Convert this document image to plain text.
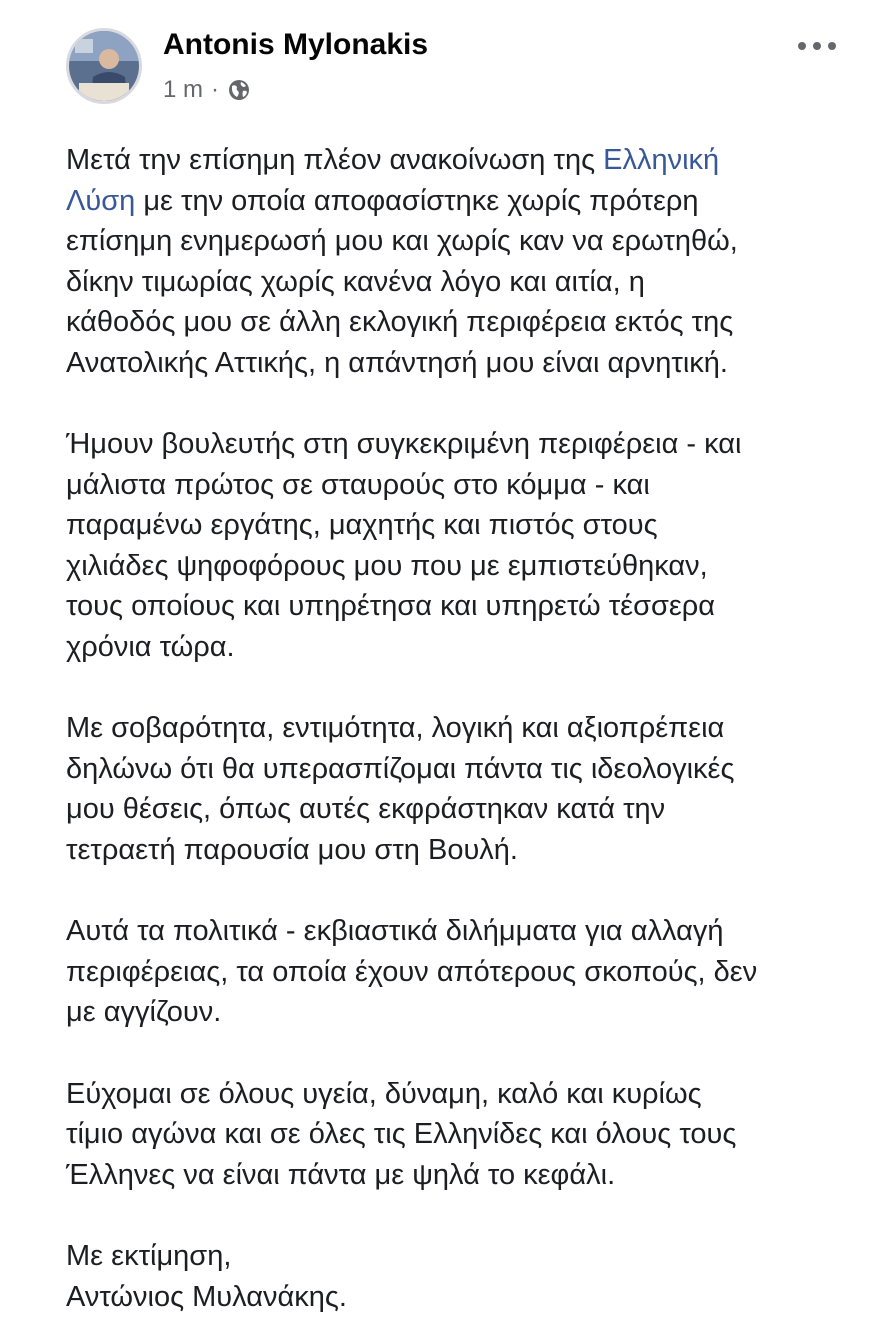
Antonis Mylonakis
1 m ·
Μετά την επίσημη πλέον ανακοίνωση της Ελληνική
Λύση με την οποία αποφασίστηκε χωρίς πρότερη
επίσημη ενημερωσή μου και χωρίς καν να ερωτηθώ,
δίκην τιμωρίας χωρίς κανένα λόγο και αιτία, η
κάθοδός μου σε άλλη εκλογική περιφέρεια εκτός της
Ανατολικής Αττικής, η απάντησή μου είναι αρνητική.
Ήμουν βουλευτής στη συγκεκριμένη περιφέρεια - και
μάλιστα πρώτος σε σταυρούς στο κόμμα - και
παραμένω εργάτης, μαχητής και πιστός στους
χιλιάδες ψηφοφόρους μου που με εμπιστεύθηκαν,
τους οποίους και υπηρέτησα και υπηρετώ τέσσερα
χρόνια τώρα.
Με σοβαρότητα, εντιμότητα, λογική και αξιοπρέπεια
δηλώνω ότι θα υπερασπίζομαι πάντα τις ιδεολογικές
μου θέσεις, όπως αυτές εκφράστηκαν κατά την
τετραετή παρουσία μου στη Βουλή.
Αυτά τα πολιτικά - εκβιαστικά διλήμματα για αλλαγή
περιφέρειας, τα οποία έχουν απότερους σκοπούς, δεν
με αγγίζουν.
Εύχομαι σε όλους υγεία, δύναμη, καλό και κυρίως
τίμιο αγώνα και σε όλες τις Ελληνίδες και όλους τους
Έλληνες να είναι πάντα με ψηλά το κεφάλι.
Με εκτίμηση,
Αντώνιος Μυλανάκης.
